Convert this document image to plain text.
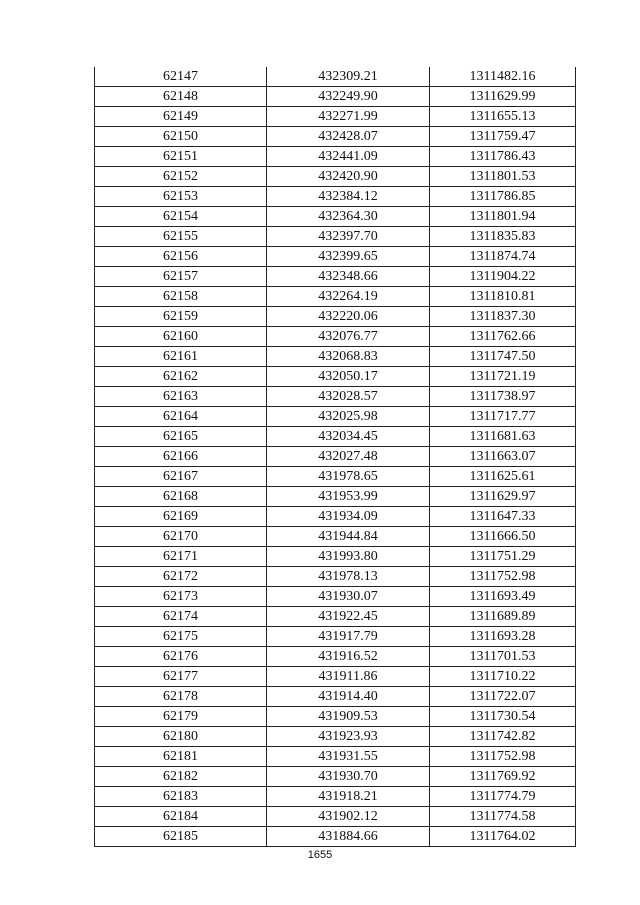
62147	432309.21	1311482.16
62148	432249.90	1311629.99
62149	432271.99	1311655.13
62150	432428.07	1311759.47
62151	432441.09	1311786.43
62152	432420.90	1311801.53
62153	432384.12	1311786.85
62154	432364.30	1311801.94
62155	432397.70	1311835.83
62156	432399.65	1311874.74
62157	432348.66	1311904.22
62158	432264.19	1311810.81
62159	432220.06	1311837.30
62160	432076.77	1311762.66
62161	432068.83	1311747.50
62162	432050.17	1311721.19
62163	432028.57	1311738.97
62164	432025.98	1311717.77
62165	432034.45	1311681.63
62166	432027.48	1311663.07
62167	431978.65	1311625.61
62168	431953.99	1311629.97
62169	431934.09	1311647.33
62170	431944.84	1311666.50
62171	431993.80	1311751.29
62172	431978.13	1311752.98
62173	431930.07	1311693.49
62174	431922.45	1311689.89
62175	431917.79	1311693.28
62176	431916.52	1311701.53
62177	431911.86	1311710.22
62178	431914.40	1311722.07
62179	431909.53	1311730.54
62180	431923.93	1311742.82
62181	431931.55	1311752.98
62182	431930.70	1311769.92
62183	431918.21	1311774.79
62184	431902.12	1311774.58
62185	431884.66	1311764.02
1655
